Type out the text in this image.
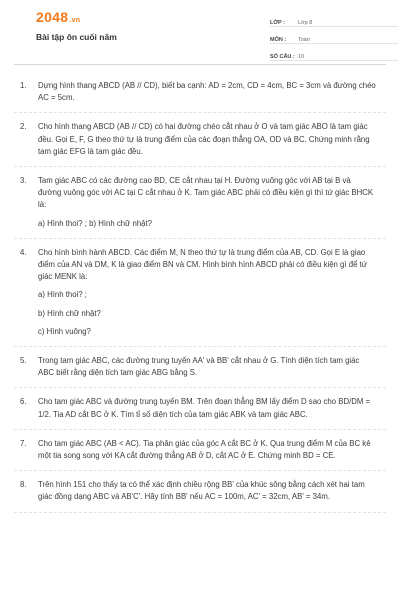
2048.vn
Bài tập ôn cuối năm
LỚP :	Lớp 8
MÔN :	Toán
SỐ CÂU : 10
1. Dựng hình thang ABCD (AB // CD), biết ba cạnh: AD = 2cm, CD = 4cm, BC = 3cm và đường chéo AC = 5cm.
2. Cho hình thang ABCD (AB // CD) có hai đường chéo cắt nhau ở O và tam giác ABO là tam giác đều. Gọi E, F, G theo thứ tự là trung điểm của các đoạn thẳng OA, OD và BC. Chứng minh rằng tam giác EFG là tam giác đều.
3. Tam giác ABC có các đường cao BD, CE cắt nhau tại H. Đường vuông góc với AB tại B và đường vuông góc với AC tại C cắt nhau ở K. Tam giác ABC phải có điều kiện gì thì tứ giác BHCK là:
a) Hình thoi? ; b) Hình chữ nhật?
4. Cho hình bình hành ABCD. Các điểm M, N theo thứ tự là trung điểm của AB, CD. Gọi E là giao điểm của AN và DM, K là giao điểm BN và CM. Hình bình hình ABCD phải có điều kiện gì để tứ giác MENK là:
a) Hình thoi? ;
b) Hình chữ nhật?
c) Hình vuông?
5. Trong tam giác ABC, các đường trung tuyến AA' và BB' cắt nhau ở G. Tính diện tích tam giác ABC biết rằng diện tích tam giác ABG bằng S.
6. Cho tam giác ABC và đường trung tuyến BM. Trên đoạn thẳng BM lấy điểm D sao cho BD/DM = 1/2. Tia AD cắt BC ở K. Tìm tỉ số diện tích của tam giác ABK và tam giác ABC.
7. Cho tam giác ABC (AB < AC). Tia phân giác của góc A cắt BC ở K. Qua trung điểm M của BC kẻ một tia song song với KA cắt đường thẳng AB ở D, cắt AC ở E. Chứng minh BD = CE.
8. Trên hình 151 cho thấy ta có thể xác định chiều rộng BB' của khúc sông bằng cách xét hai tam giác đồng dạng ABC và AB'C'. Hãy tính BB' nếu AC = 100m, AC' = 32cm, AB' = 34m.
